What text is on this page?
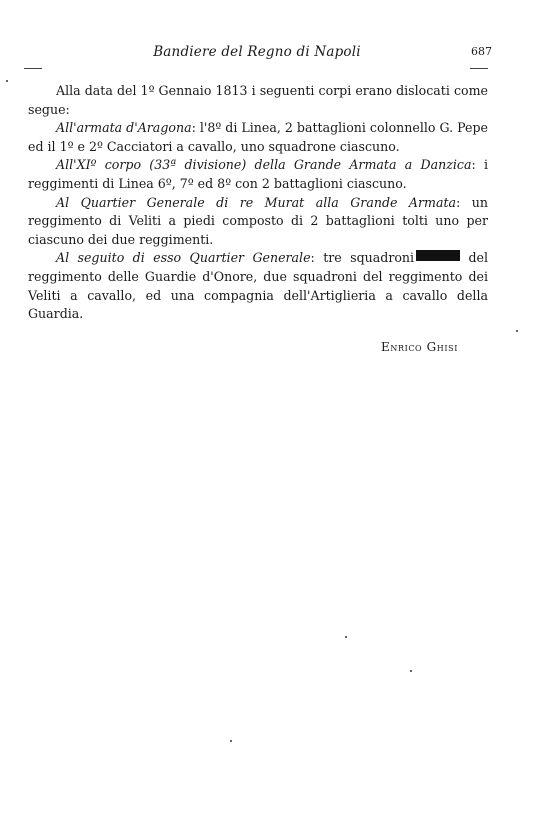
Bandiere del Regno di Napoli	687

Alla data del 1º Gennaio 1813 i seguenti corpi erano dislocati come segue:

All'armata d'Aragona: l'8º di Linea, 2 battaglioni colonnello G. Pepe ed il 1º e 2º Cacciatori a cavallo, uno squadrone ciascuno.

All'XIº corpo (33ª divisione) della Grande Armata a Danzica: i reggimenti di Linea 6º, 7º ed 8º con 2 battaglioni ciascuno.

Al Quartier Generale di re Murat alla Grande Armata: un reggimento di Veliti a piedi composto di 2 battaglioni tolti uno per ciascuno dei due reggimenti.

Al seguito di esso Quartier Generale: tre squadroni	del reggimento delle Guardie d'Onore, due squadroni del reggimento dei Veliti a cavallo, ed una compagnia dell'Artiglieria a cavallo della Guardia.

Enrico Ghisi
